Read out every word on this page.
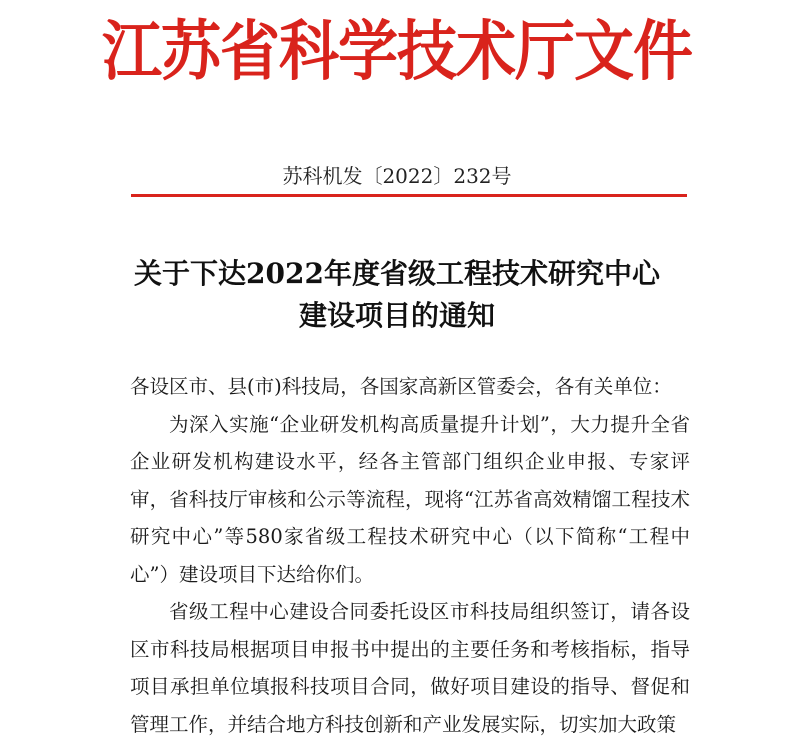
江苏省科学技术厅文件
苏科机发〔2022〕232号
关于下达2022年度省级工程技术研究中心
建设项目的通知

各设区市、县(市)科技局，各国家高新区管委会，各有关单位：

为深入实施“企业研发机构高质量提升计划”，大力提升全省企业研发机构建设水平，经各主管部门组织企业申报、专家评审，省科技厅审核和公示等流程，现将“江苏省高效精馏工程技术研究中心”等580家省级工程技术研究中心（以下简称“工程中心”）建设项目下达给你们。

省级工程中心建设合同委托设区市科技局组织签订，请各设区市科技局根据项目申报书中提出的主要任务和考核指标，指导项目承担单位填报科技项目合同，做好项目建设的指导、督促和管理工作，并结合地方科技创新和产业发展实际，切实加大政策
